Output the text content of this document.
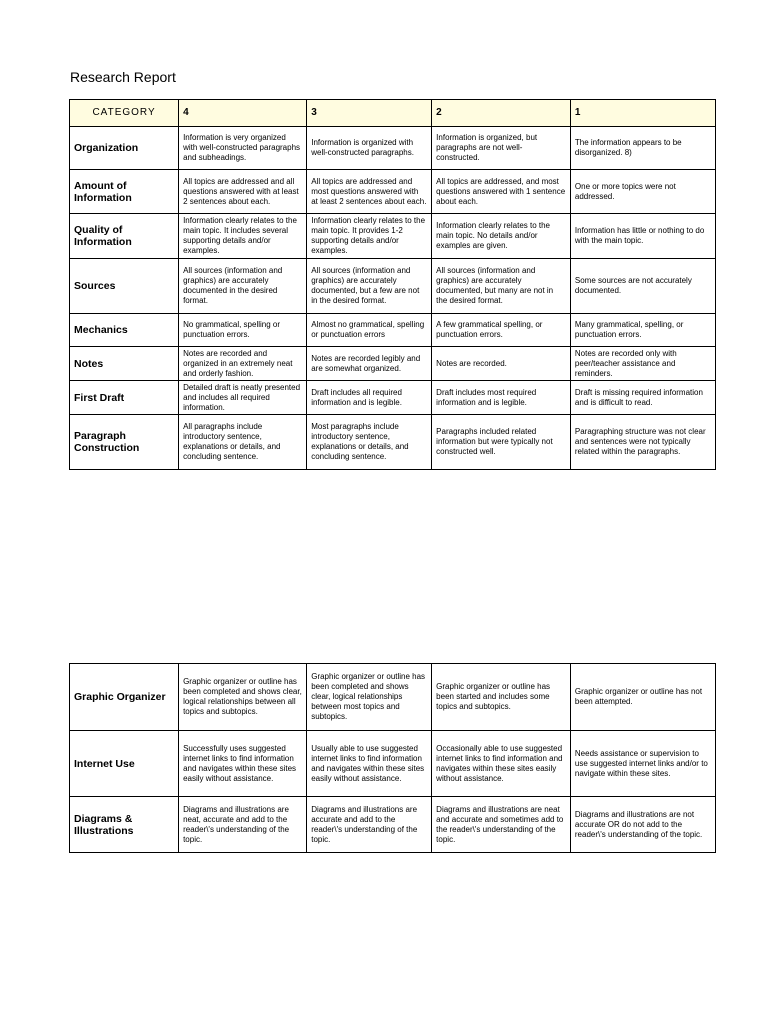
Research Report
CATEGORY	4	3	2	1
Organization	Information is very organized with well-constructed paragraphs and subheadings.	Information is organized with well-constructed paragraphs.	Information is organized, but paragraphs are not well-constructed.	The information appears to be disorganized. 8)
Amount of Information	All topics are addressed and all questions answered with at least 2 sentences about each.	All topics are addressed and most questions answered with at least 2 sentences about each.	All topics are addressed, and most questions answered with 1 sentence about each.	One or more topics were not addressed.
Quality of Information	Information clearly relates to the main topic. It includes several supporting details and/or examples.	Information clearly relates to the main topic. It provides 1-2 supporting details and/or examples.	Information clearly relates to the main topic. No details and/or examples are given.	Information has little or nothing to do with the main topic.
Sources	All sources (information and graphics) are accurately documented in the desired format.	All sources (information and graphics) are accurately documented, but a few are not in the desired format.	All sources (information and graphics) are accurately documented, but many are not in the desired format.	Some sources are not accurately documented.
Mechanics	No grammatical, spelling or punctuation errors.	Almost no grammatical, spelling or punctuation errors	A few grammatical spelling, or punctuation errors.	Many grammatical, spelling, or punctuation errors.
Notes	Notes are recorded and organized in an extremely neat and orderly fashion.	Notes are recorded legibly and are somewhat organized.	Notes are recorded.	Notes are recorded only with peer/teacher assistance and reminders.
First Draft	Detailed draft is neatly presented and includes all required information.	Draft includes all required information and is legible.	Draft includes most required information and is legible.	Draft is missing required information and is difficult to read.
Paragraph Construction	All paragraphs include introductory sentence, explanations or details, and concluding sentence.	Most paragraphs include introductory sentence, explanations or details, and concluding sentence.	Paragraphs included related information but were typically not constructed well.	Paragraphing structure was not clear and sentences were not typically related within the paragraphs.
Graphic Organizer	Graphic organizer or outline has been completed and shows clear, logical relationships between all topics and subtopics.	Graphic organizer or outline has been completed and shows clear, logical relationships between most topics and subtopics.	Graphic organizer or outline has been started and includes some topics and subtopics.	Graphic organizer or outline has not been attempted.
Internet Use	Successfully uses suggested internet links to find information and navigates within these sites easily without assistance.	Usually able to use suggested internet links to find information and navigates within these sites easily without assistance.	Occasionally able to use suggested internet links to find information and navigates within these sites easily without assistance.	Needs assistance or supervision to use suggested internet links and/or to navigate within these sites.
Diagrams & Illustrations	Diagrams and illustrations are neat, accurate and add to the reader\'s understanding of the topic.	Diagrams and illustrations are accurate and add to the reader\'s understanding of the topic.	Diagrams and illustrations are neat and accurate and sometimes add to the reader\'s understanding of the topic.	Diagrams and illustrations are not accurate OR do not add to the reader\'s understanding of the topic.
